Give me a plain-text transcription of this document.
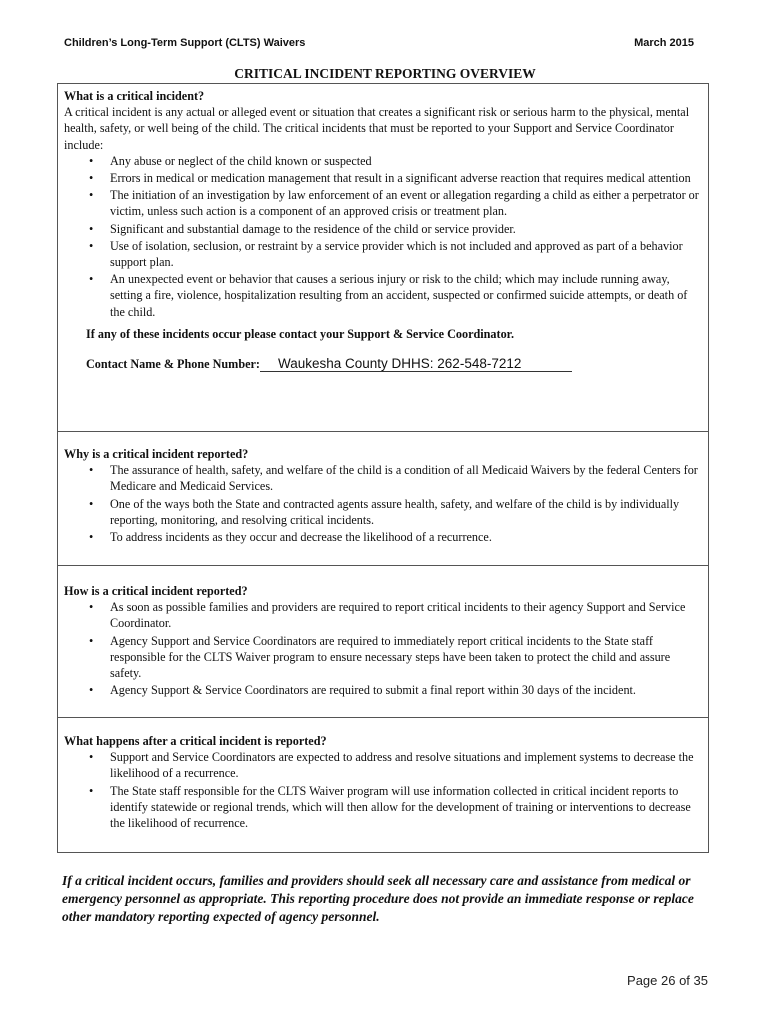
Children’s Long-Term Support (CLTS) Waivers	March 2015
CRITICAL INCIDENT REPORTING OVERVIEW

What is a critical incident?

A critical incident is any actual or alleged event or situation that creates a significant risk or serious harm to the physical, mental health, safety, or well being of the child. The critical incidents that must be reported to your Support and Service Coordinator include:

• Any abuse or neglect of the child known or suspected
• Errors in medical or medication management that result in a significant adverse reaction that requires medical attention
• The initiation of an investigation by law enforcement of an event or allegation regarding a child as either a perpetrator or victim, unless such action is a component of an approved crisis or treatment plan.
• Significant and substantial damage to the residence of the child or service provider.
• Use of isolation, seclusion, or restraint by a service provider which is not included and approved as part of a behavior support plan.
• An unexpected event or behavior that causes a serious injury or risk to the child; which may include running away, setting a fire, violence, hospitalization resulting from an accident, suspected or confirmed suicide attempts, or death of the child.

If any of these incidents occur please contact your Support & Service Coordinator.

Contact Name & Phone Number: Waukesha County DHHS: 262-548-7212

Why is a critical incident reported?

• The assurance of health, safety, and welfare of the child is a condition of all Medicaid Waivers by the federal Centers for Medicare and Medicaid Services.
• One of the ways both the State and contracted agents assure health, safety, and welfare of the child is by individually reporting, monitoring, and resolving critical incidents.
• To address incidents as they occur and decrease the likelihood of a recurrence.

How is a critical incident reported?

• As soon as possible families and providers are required to report critical incidents to their agency Support and Service Coordinator.
• Agency Support and Service Coordinators are required to immediately report critical incidents to the State staff responsible for the CLTS Waiver program to ensure necessary steps have been taken to protect the child and assure safety.
• Agency Support & Service Coordinators are required to submit a final report within 30 days of the incident.

What happens after a critical incident is reported?

• Support and Service Coordinators are expected to address and resolve situations and implement systems to decrease the likelihood of a recurrence.
• The State staff responsible for the CLTS Waiver program will use information collected in critical incident reports to identify statewide or regional trends, which will then allow for the development of training or interventions to decrease the likelihood of recurrence.
If a critical incident occurs, families and providers should seek all necessary care and assistance from medical or emergency personnel as appropriate. This reporting procedure does not provide an immediate response or replace other mandatory reporting expected of agency personnel.
Page 26 of 35
